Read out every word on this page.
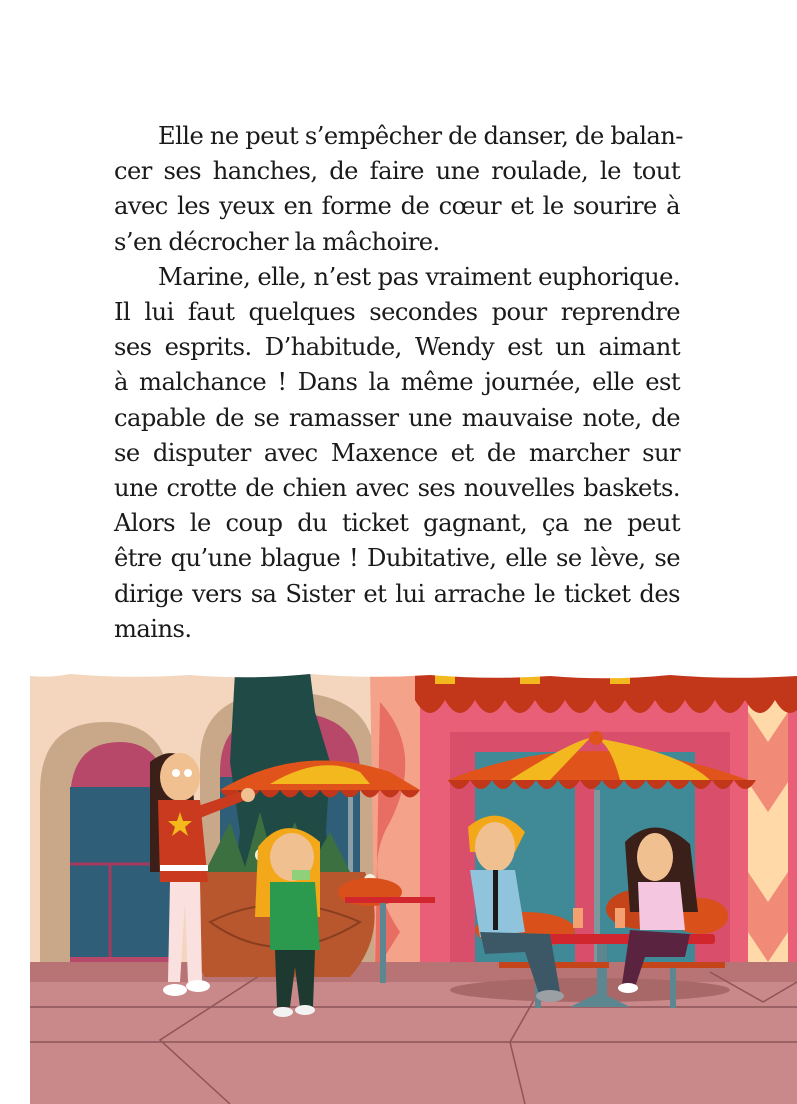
Elle ne peut s’empêcher de danser, de balan-
cer ses hanches, de faire une roulade, le tout
avec les yeux en forme de cœur et le sourire à
s’en décrocher la mâchoire.

Marine, elle, n’est pas vraiment euphorique.
Il lui faut quelques secondes pour reprendre
ses esprits. D’habitude, Wendy est un aimant
à malchance ! Dans la même journée, elle est
capable de se ramasser une mauvaise note, de
se disputer avec Maxence et de marcher sur
une crotte de chien avec ses nouvelles baskets.
Alors le coup du ticket gagnant, ça ne peut
être qu’une blague ! Dubitative, elle se lève, se
dirige vers sa Sister et lui arrache le ticket des
mains.
